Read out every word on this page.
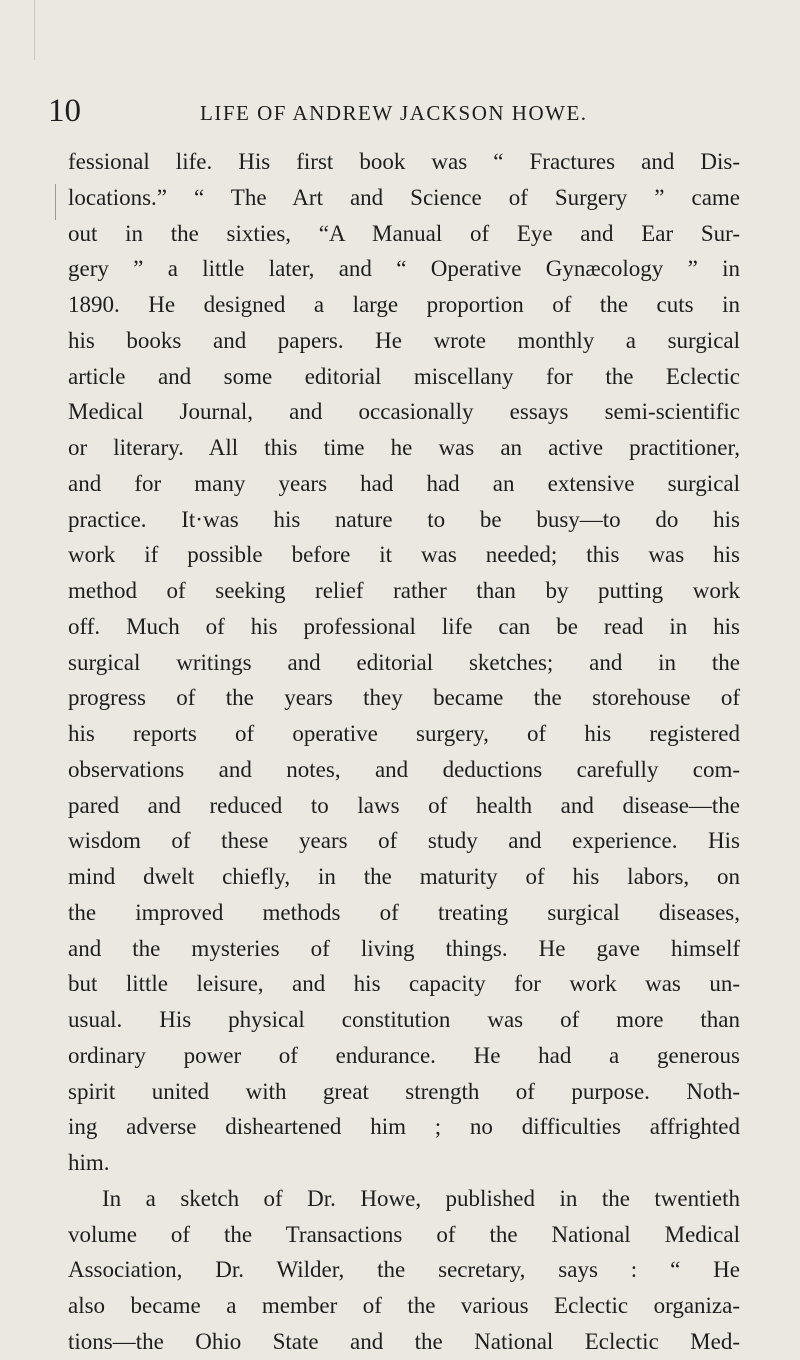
10	LIFE OF ANDREW JACKSON HOWE.
fessional life. His first book was “ Fractures and Dis-
locations.” “ The Art and Science of Surgery ” came
out in the sixties, “A Manual of Eye and Ear Sur-
gery ” a little later, and “ Operative Gynæcology ” in
1890. He designed a large proportion of the cuts in
his books and papers. He wrote monthly a surgical
article and some editorial miscellany for the Eclectic
Medical Journal, and occasionally essays semi-scientific
or literary. All this time he was an active practitioner,
and for many years had had an extensive surgical
practice. It·was his nature to be busy—to do his
work if possible before it was needed; this was his
method of seeking relief rather than by putting work
off. Much of his professional life can be read in his
surgical writings and editorial sketches; and in the
progress of the years they became the storehouse of
his reports of operative surgery, of his registered
observations and notes, and deductions carefully com-
pared and reduced to laws of health and disease—the
wisdom of these years of study and experience. His
mind dwelt chiefly, in the maturity of his labors, on
the improved methods of treating surgical diseases,
and the mysteries of living things. He gave himself
but little leisure, and his capacity for work was un-
usual. His physical constitution was of more than
ordinary power of endurance. He had a generous
spirit united with great strength of purpose. Noth-
ing adverse disheartened him ; no difficulties affrighted
him.
In a sketch of Dr. Howe, published in the twentieth
volume of the Transactions of the National Medical
Association, Dr. Wilder, the secretary, says : “ He
also became a member of the various Eclectic organiza-
tions—the Ohio State and the National Eclectic Med-
